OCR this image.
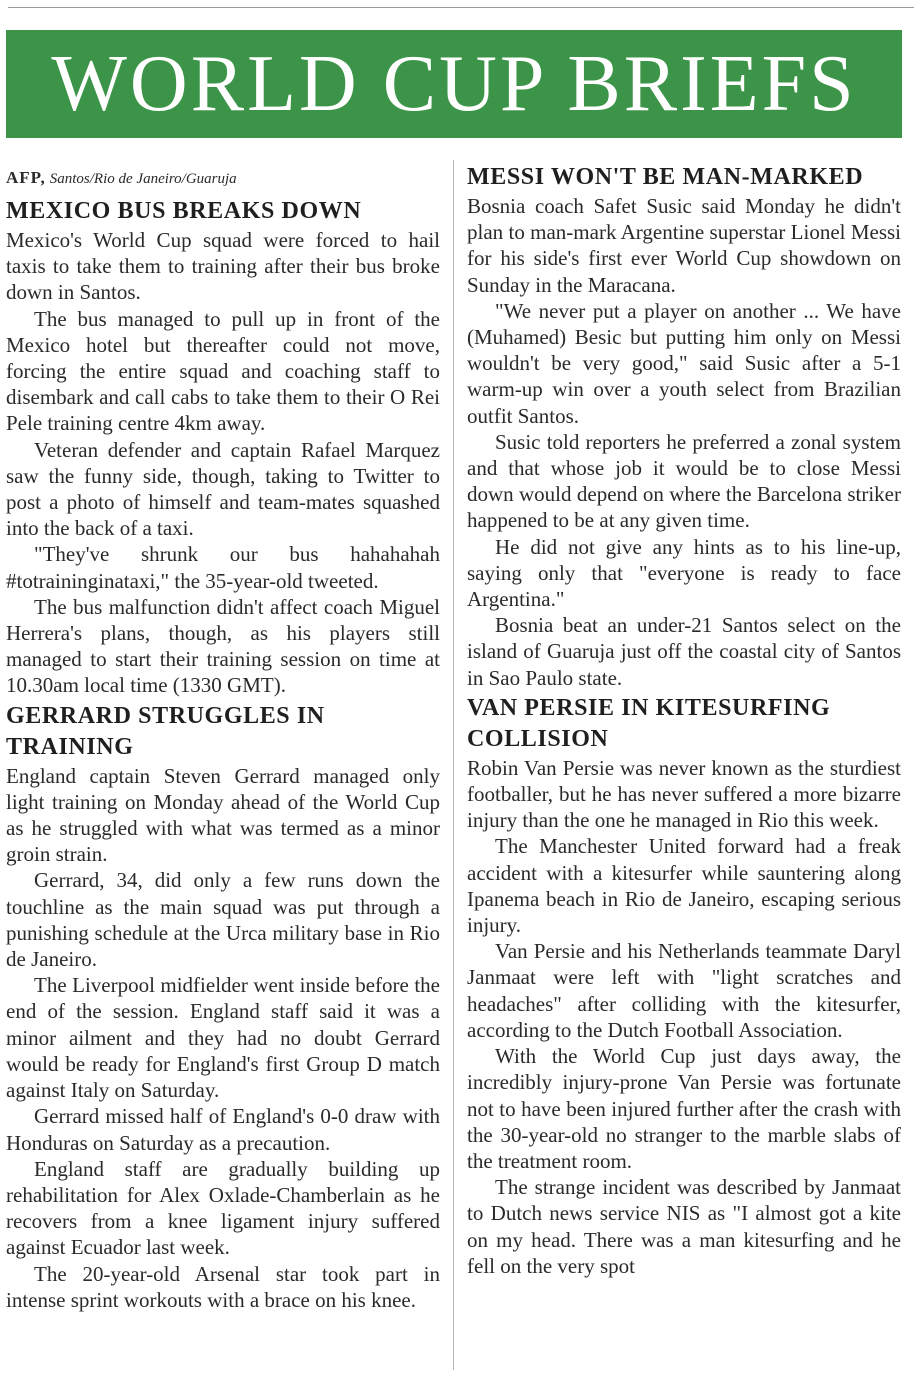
WORLD CUP BRIEFS
AFP, Santos/Rio de Janeiro/Guaruja
MEXICO BUS BREAKS DOWN

Mexico's World Cup squad were forced to hail taxis to take them to training after their bus broke down in Santos.

The bus managed to pull up in front of the Mexico hotel but thereafter could not move, forcing the entire squad and coaching staff to disembark and call cabs to take them to their O Rei Pele training centre 4km away.

Veteran defender and captain Rafael Marquez saw the funny side, though, taking to Twitter to post a photo of himself and team-mates squashed into the back of a taxi.

"They've shrunk our bus hahahahah #totraininginataxi," the 35-year-old tweeted.

The bus malfunction didn't affect coach Miguel Herrera's plans, though, as his players still managed to start their training session on time at 10.30am local time (1330 GMT).

GERRARD STRUGGLES IN TRAINING

England captain Steven Gerrard managed only light training on Monday ahead of the World Cup as he struggled with what was termed as a minor groin strain.

Gerrard, 34, did only a few runs down the touchline as the main squad was put through a punishing schedule at the Urca military base in Rio de Janeiro.

The Liverpool midfielder went inside before the end of the session. England staff said it was a minor ailment and they had no doubt Gerrard would be ready for England's first Group D match against Italy on Saturday.

Gerrard missed half of England's 0-0 draw with Honduras on Saturday as a precaution.

England staff are gradually building up rehabilitation for Alex Oxlade-Chamberlain as he recovers from a knee ligament injury suffered against Ecuador last week.

The 20-year-old Arsenal star took part in intense sprint workouts with a brace on his knee.

MESSI WON'T BE MAN-MARKED

Bosnia coach Safet Susic said Monday he didn't plan to man-mark Argentine superstar Lionel Messi for his side's first ever World Cup showdown on Sunday in the Maracana.

"We never put a player on another ... We have (Muhamed) Besic but putting him only on Messi wouldn't be very good," said Susic after a 5-1 warm-up win over a youth select from Brazilian outfit Santos.

Susic told reporters he preferred a zonal system and that whose job it would be to close Messi down would depend on where the Barcelona striker happened to be at any given time.

He did not give any hints as to his line-up, saying only that "everyone is ready to face Argentina."

Bosnia beat an under-21 Santos select on the island of Guaruja just off the coastal city of Santos in Sao Paulo state.

VAN PERSIE IN KITESURFING COLLISION

Robin Van Persie was never known as the sturdiest footballer, but he has never suffered a more bizarre injury than the one he managed in Rio this week.

The Manchester United forward had a freak accident with a kitesurfer while sauntering along Ipanema beach in Rio de Janeiro, escaping serious injury.

Van Persie and his Netherlands teammate Daryl Janmaat were left with "light scratches and headaches" after colliding with the kitesurfer, according to the Dutch Football Association.

With the World Cup just days away, the incredibly injury-prone Van Persie was fortunate not to have been injured further after the crash with the 30-year-old no stranger to the marble slabs of the treatment room.

The strange incident was described by Janmaat to Dutch news service NIS as "I almost got a kite on my head. There was a man kitesurfing and he fell on the very spot
